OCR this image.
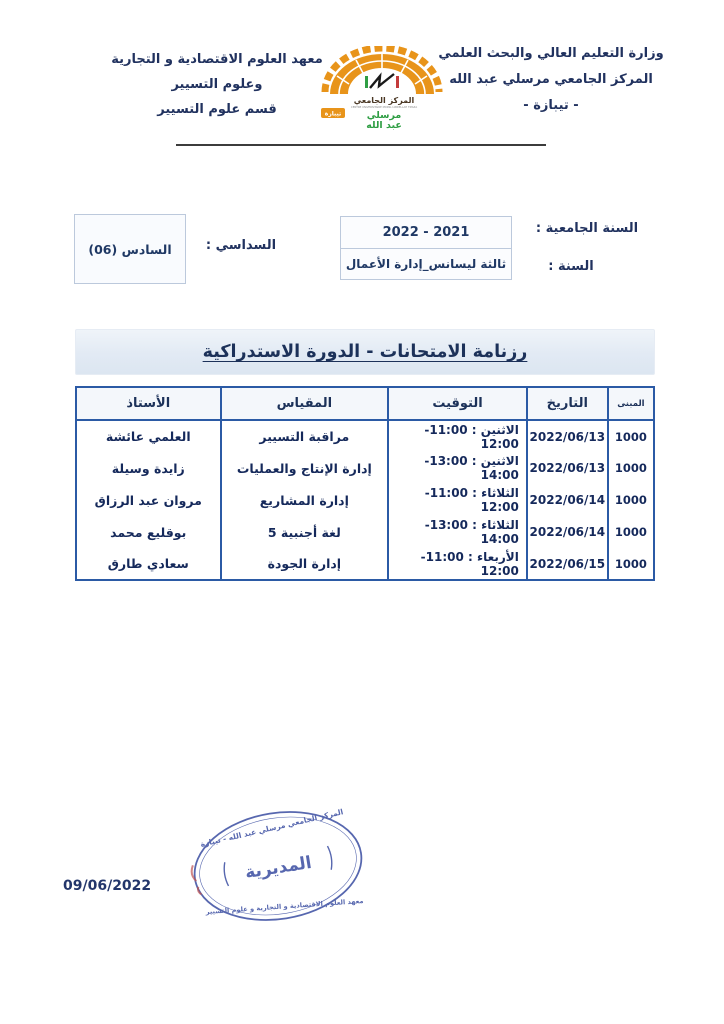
وزارة التعليم العالي والبحث العلمي
المركز الجامعي مرسلي عبد الله
- تيبازة -
المركز الجامعي
CENTRE UNIVERSITAIRE MORSLI ABDELLAH TIPAZA
مرسلي
عبد الله
تيبازة
معهد العلوم الاقتصادية و التجارية
وعلوم التسيير
قسم علوم التسيير
السنة الجامعية :
السنة :
2021 - 2022
ثالثة ليسانس_إدارة الأعمال
السداسي :
السادس (06)
رزنامة الامتحانات - الدورة الاستدراكية
المبنى	التاريخ	التوقيت	المقياس	الأستاذ
1000	2022/06/13	الاثنين : 11:00-12:00	مراقبة التسيير	العلمي عائشة
1000	2022/06/13	الاثنين : 13:00-14:00	إدارة الإنتاج والعمليات	زايدة وسيلة
1000	2022/06/14	الثلاثاء : 11:00-12:00	إدارة المشاريع	مروان عبد الرزاق
1000	2022/06/14	الثلاثاء : 13:00-14:00	لغة أجنبية 5	بوقليع محمد
1000	2022/06/15	الأربعاء : 11:00-12:00	إدارة الجودة	سعادي طارق
المركز الجامعي مرسلي عبد الله - تيبازة
معهد العلوم الاقتصادية و التجارية و علوم التسيير
المديرية
09/06/2022
